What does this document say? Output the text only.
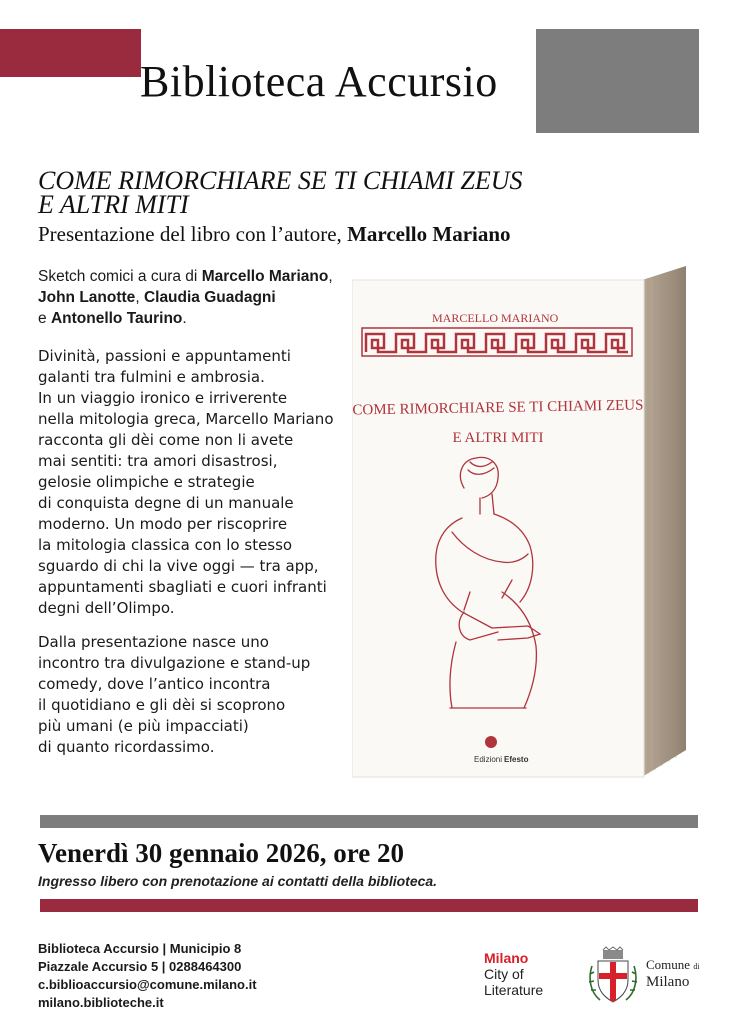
Biblioteca Accursio
COME RIMORCHIARE SE TI CHIAMI ZEUS
E ALTRI MITI
Presentazione del libro con l’autore, Marcello Mariano
Sketch comici a cura di Marcello Mariano,
John Lanotte, Claudia Guadagni
e Antonello Taurino.
Divinità, passioni e appuntamenti
galanti tra fulmini e ambrosia.
In un viaggio ironico e irriverente
nella mitologia greca, Marcello Mariano
racconta gli dèi come non li avete
mai sentiti: tra amori disastrosi,
gelosie olimpiche e strategie
di conquista degne di un manuale
moderno. Un modo per riscoprire
la mitologia classica con lo stesso
sguardo di chi la vive oggi — tra app,
appuntamenti sbagliati e cuori infranti
degni dell’Olimpo.
Dalla presentazione nasce uno
incontro tra divulgazione e stand-up
comedy, dove l’antico incontra
il quotidiano e gli dèi si scoprono
più umani (e più impacciati)
di quanto ricordassimo.
MARCELLO MARIANO
COME RIMORCHIARE SE TI CHIAMI ZEUS
E ALTRI MITI
Edizioni Efesto
Venerdì 30 gennaio 2026, ore 20
Ingresso libero con prenotazione ai contatti della biblioteca.
Biblioteca Accursio | Municipio 8
Piazzale Accursio 5 | 0288464300
c.biblioaccursio@comune.milano.it
milano.biblioteche.it
Milano
City of
Literature
Comune di
Milano
